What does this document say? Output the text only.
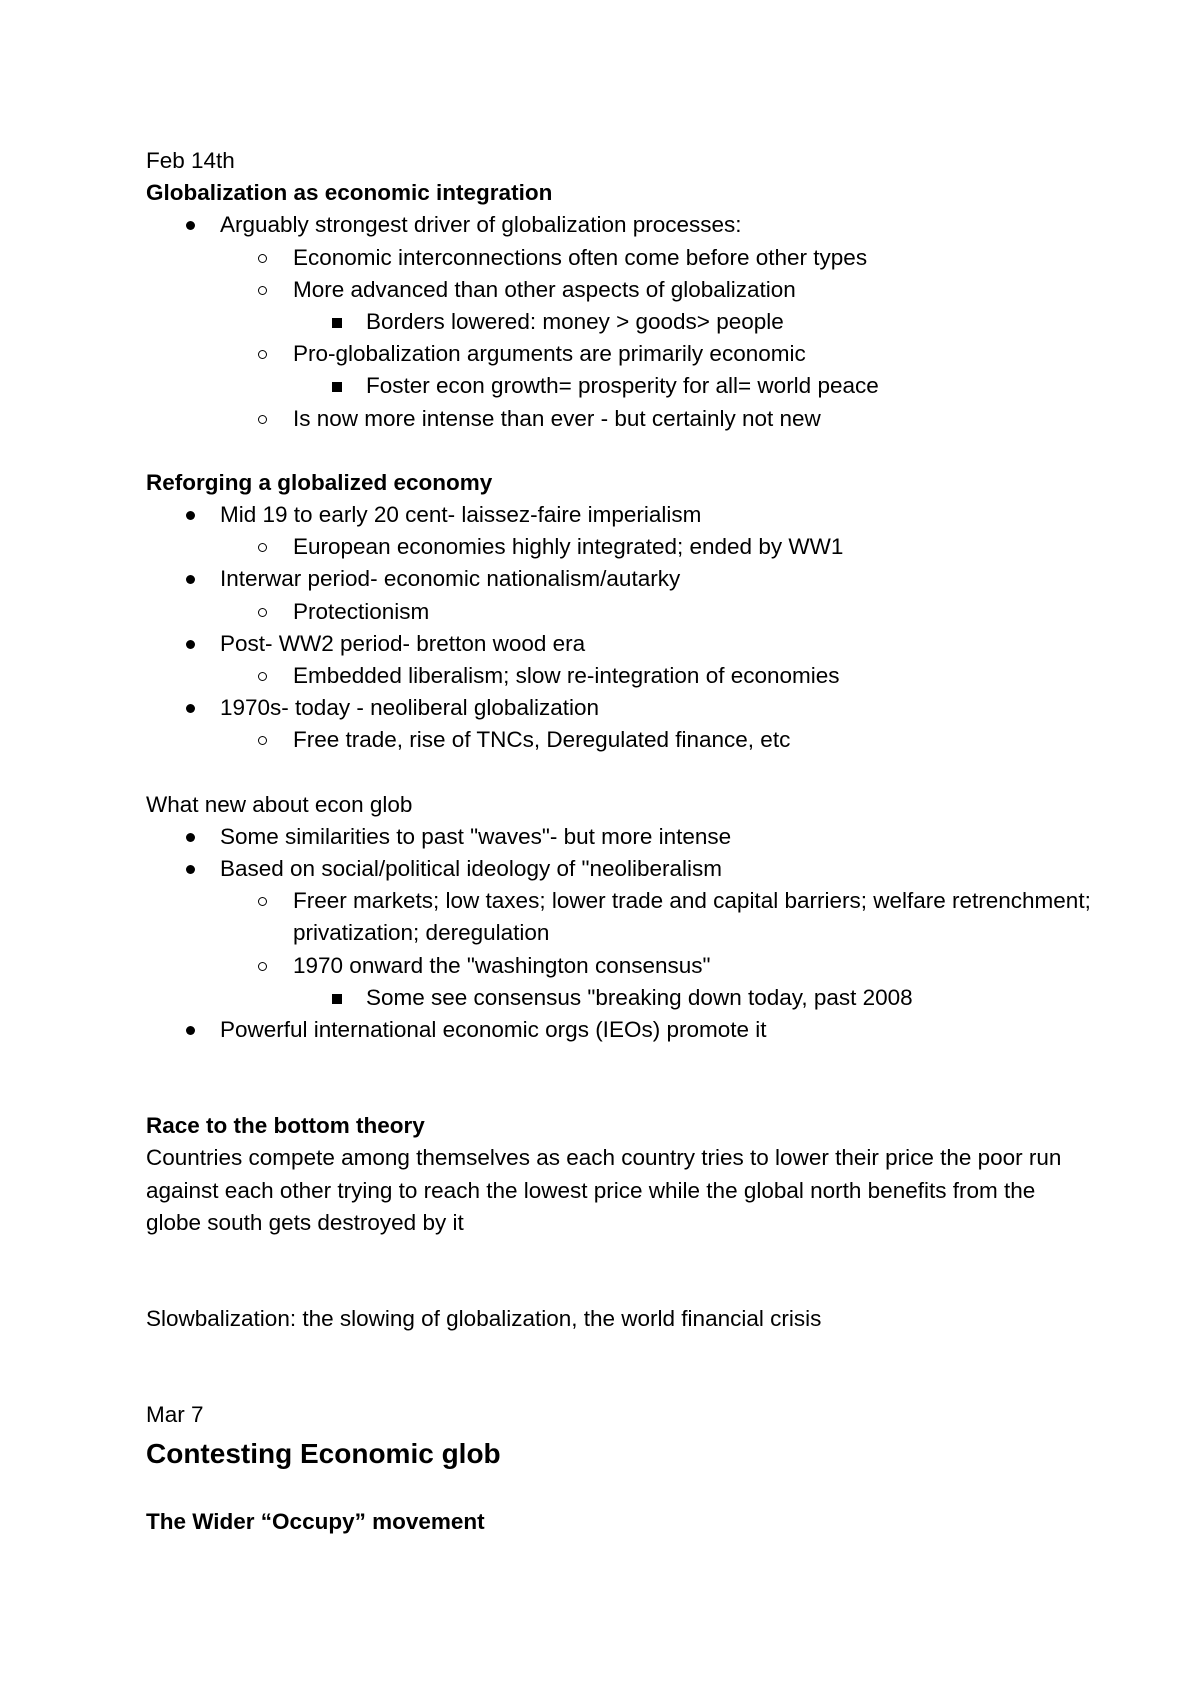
Feb 14th
Globalization as economic integration
Arguably strongest driver of globalization processes:
Economic interconnections often come before other types
More advanced than other aspects of globalization
Borders lowered: money > goods> people
Pro-globalization arguments are primarily economic
Foster econ growth= prosperity for all= world peace
Is now more intense than ever - but certainly not new
Reforging a globalized economy
Mid 19 to early 20 cent- laissez-faire imperialism
European economies highly integrated; ended by WW1
Interwar period- economic nationalism/autarky
Protectionism
Post- WW2 period- bretton wood era
Embedded liberalism; slow re-integration of economies
1970s- today - neoliberal globalization
Free trade, rise of TNCs, Deregulated finance, etc
What new about econ glob
Some similarities to past "waves"- but more intense
Based on social/political ideology of "neoliberalism
Freer markets; low taxes; lower trade and capital barriers; welfare retrenchment; privatization; deregulation
1970 onward the "washington consensus"
Some see consensus "breaking down today, past 2008
Powerful international economic orgs (IEOs) promote it
Race to the bottom theory
Countries compete among themselves as each country tries to lower their price the poor run against each other trying to reach the lowest price while the global north benefits from the globe south gets destroyed by it
Slowbalization: the slowing of globalization, the world financial crisis
Mar 7
Contesting Economic glob
The Wider “Occupy” movement
